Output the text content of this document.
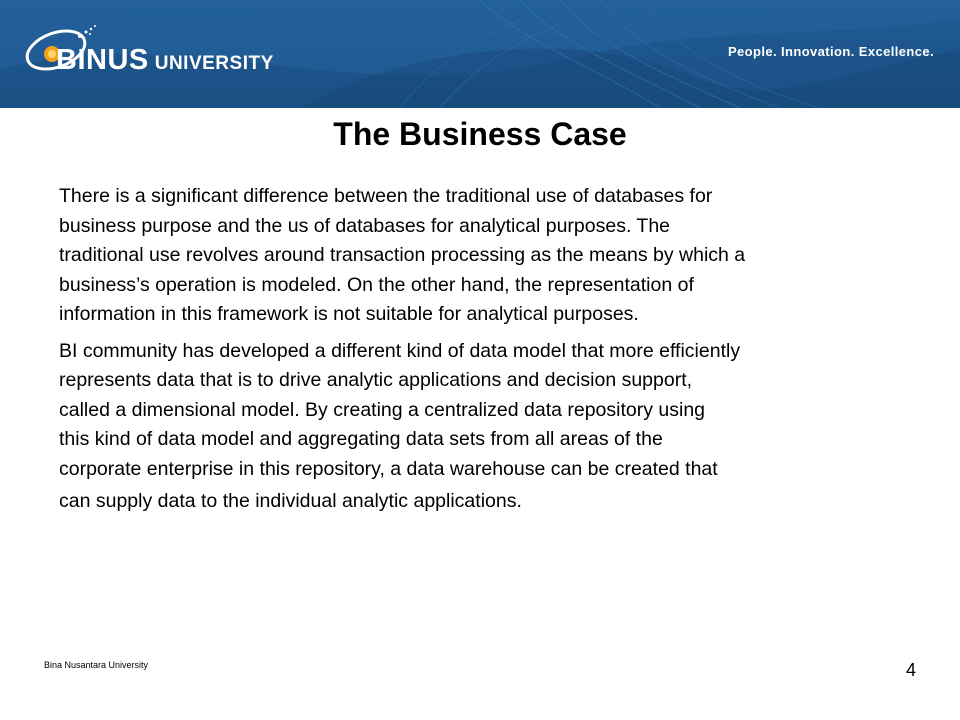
BINUS UNIVERSITY
People. Innovation. Excellence.
The Business Case

There is a significant difference between the traditional use of databases for
business purpose and the us of databases for analytical purposes. The
traditional use revolves around transaction processing as the means by which a
business’s operation is modeled. On the other hand, the representation of
information in this framework is not suitable for analytical purposes.

BI community has developed a different kind of data model that more efficiently
represents data that is to drive analytic applications and decision support,
called a dimensional model. By creating a centralized data repository using
this kind of data model and aggregating data sets from all areas of the
corporate enterprise in this repository, a data warehouse can be created that
can supply data to the individual analytic applications.

Bina Nusantara University	4
